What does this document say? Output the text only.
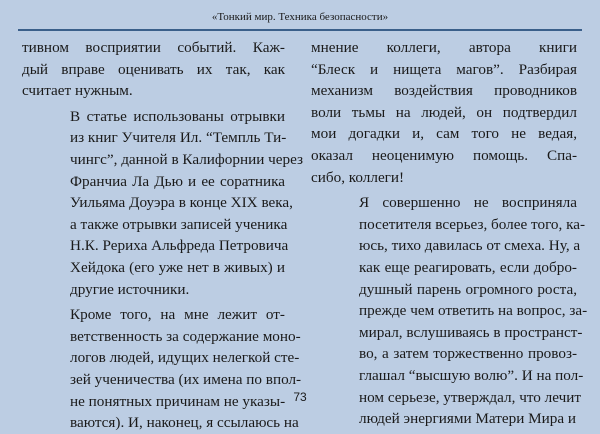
«Тонкий мир. Техника безопасности»

тивном восприятии событий. Каж-
дый вправе оценивать их так, как
считает нужным.

В статье использованы отрывки
из книг Учителя Ил. “Темпль Ти-
чингс”, данной в Калифорнии через
Франчиа Ла Дью и ее соратника
Уильяма Доуэра в конце XIX века,
а также отрывки записей ученика
Н.К. Рериха Альфреда Петровича
Хейдока (его уже нет в живых) и
другие источники.

Кроме того, на мне лежит от-
ветственность за содержание моно-
логов людей, идущих нелегкой сте-
зей ученичества (их имена по впол-
не понятных причинам не указы-
ваются). И, наконец, я ссылаюсь на

мнение коллеги, автора книги
“Блеск и нищета магов”. Разбирая
механизм воздействия проводников
воли тьмы на людей, он подтвердил
мои догадки и, сам того не ведая,
оказал неоценимую помощь. Спа-
сибо, коллеги!

Я совершенно не восприняла
посетителя всерьез, более того, ка-
юсь, тихо давилась от смеха. Ну, а
как еще реагировать, если добро-
душный парень огромного роста,
прежде чем ответить на вопрос, за-
мирал, вслушиваясь в пространст-
во, а затем торжественно провоз-
глашал “высшую волю”. И на пол-
ном серьезе, утверждал, что лечит
людей энергиями Матери Мира и

73
